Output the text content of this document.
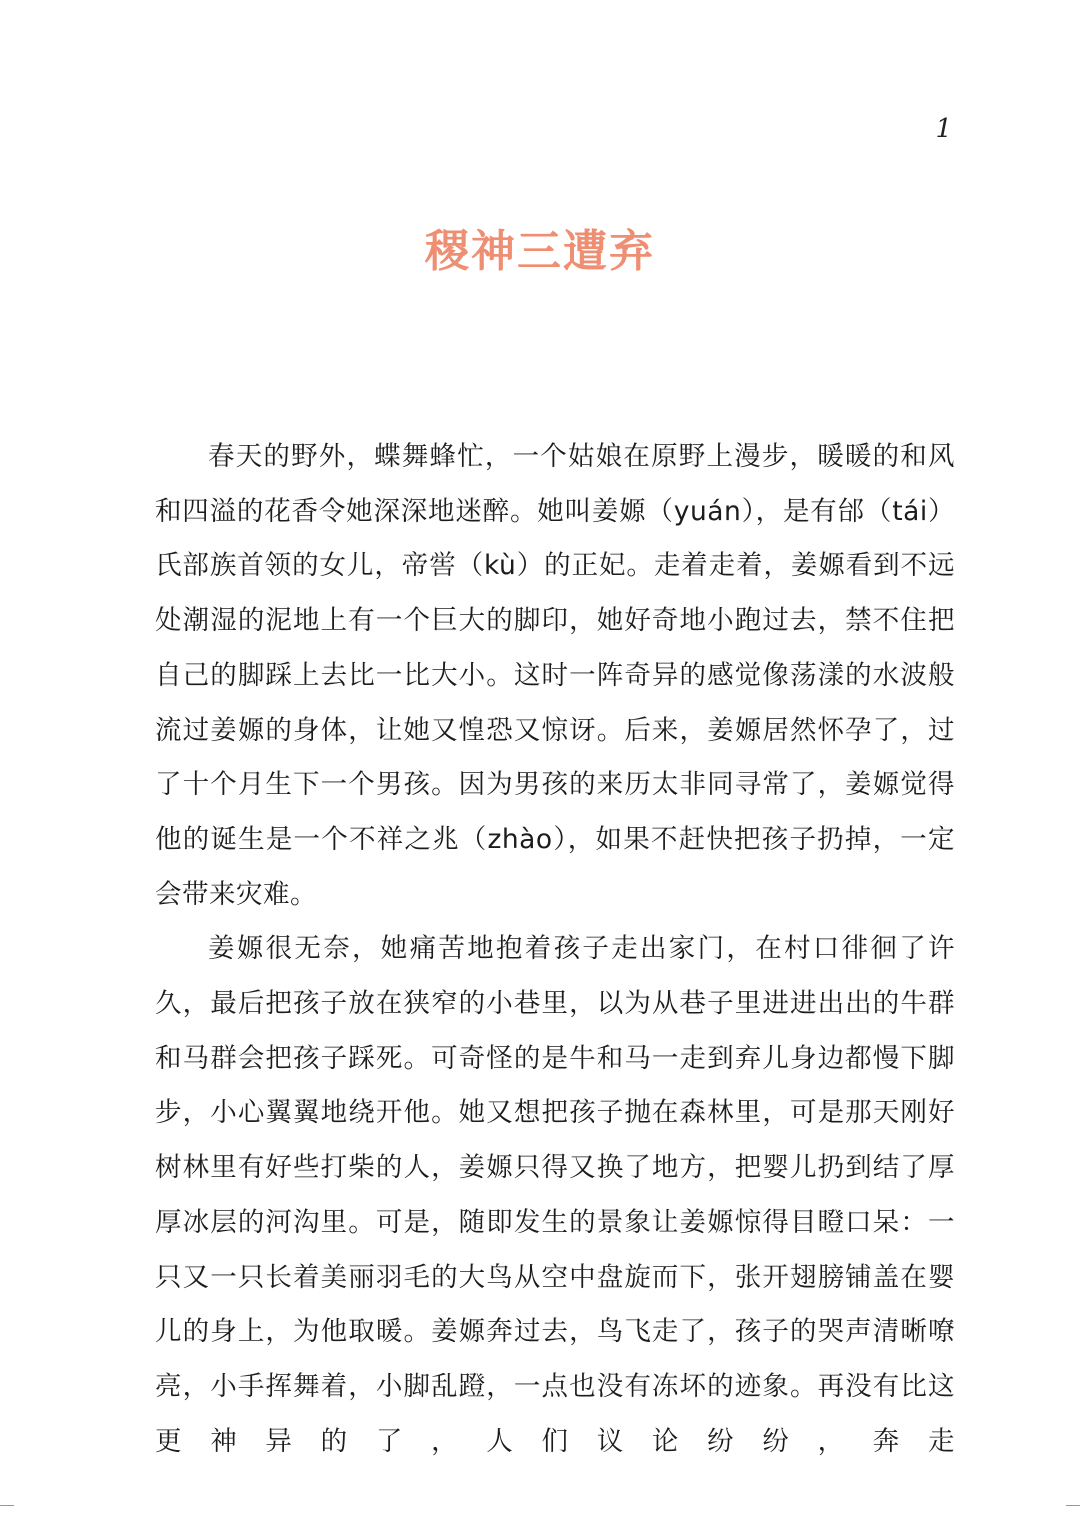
1
稷神三遭弃

春天的野外，蝶舞蜂忙，一个姑娘在原野上漫步，暖暖的和风和四溢的花香令她深深地迷醉。她叫姜嫄（yuán），是有邰（tái）氏部族首领的女儿，帝喾（kù）的正妃。走着走着，姜嫄看到不远处潮湿的泥地上有一个巨大的脚印，她好奇地小跑过去，禁不住把自己的脚踩上去比一比大小。这时一阵奇异的感觉像荡漾的水波般流过姜嫄的身体，让她又惶恐又惊讶。后来，姜嫄居然怀孕了，过了十个月生下一个男孩。因为男孩的来历太非同寻常了，姜嫄觉得他的诞生是一个不祥之兆（zhào），如果不赶快把孩子扔掉，一定会带来灾难。

姜嫄很无奈，她痛苦地抱着孩子走出家门，在村口徘徊了许久，最后把孩子放在狭窄的小巷里，以为从巷子里进进出出的牛群和马群会把孩子踩死。可奇怪的是牛和马一走到弃儿身边都慢下脚步，小心翼翼地绕开他。她又想把孩子抛在森林里，可是那天刚好树林里有好些打柴的人，姜嫄只得又换了地方，把婴儿扔到结了厚厚冰层的河沟里。可是，随即发生的景象让姜嫄惊得目瞪口呆：一只又一只长着美丽羽毛的大鸟从空中盘旋而下，张开翅膀铺盖在婴儿的身上，为他取暖。姜嫄奔过去，鸟飞走了，孩子的哭声清晰嘹亮，小手挥舞着，小脚乱蹬，一点也没有冻坏的迹象。再没有比这更神异的了，人们议论纷纷，奔走
